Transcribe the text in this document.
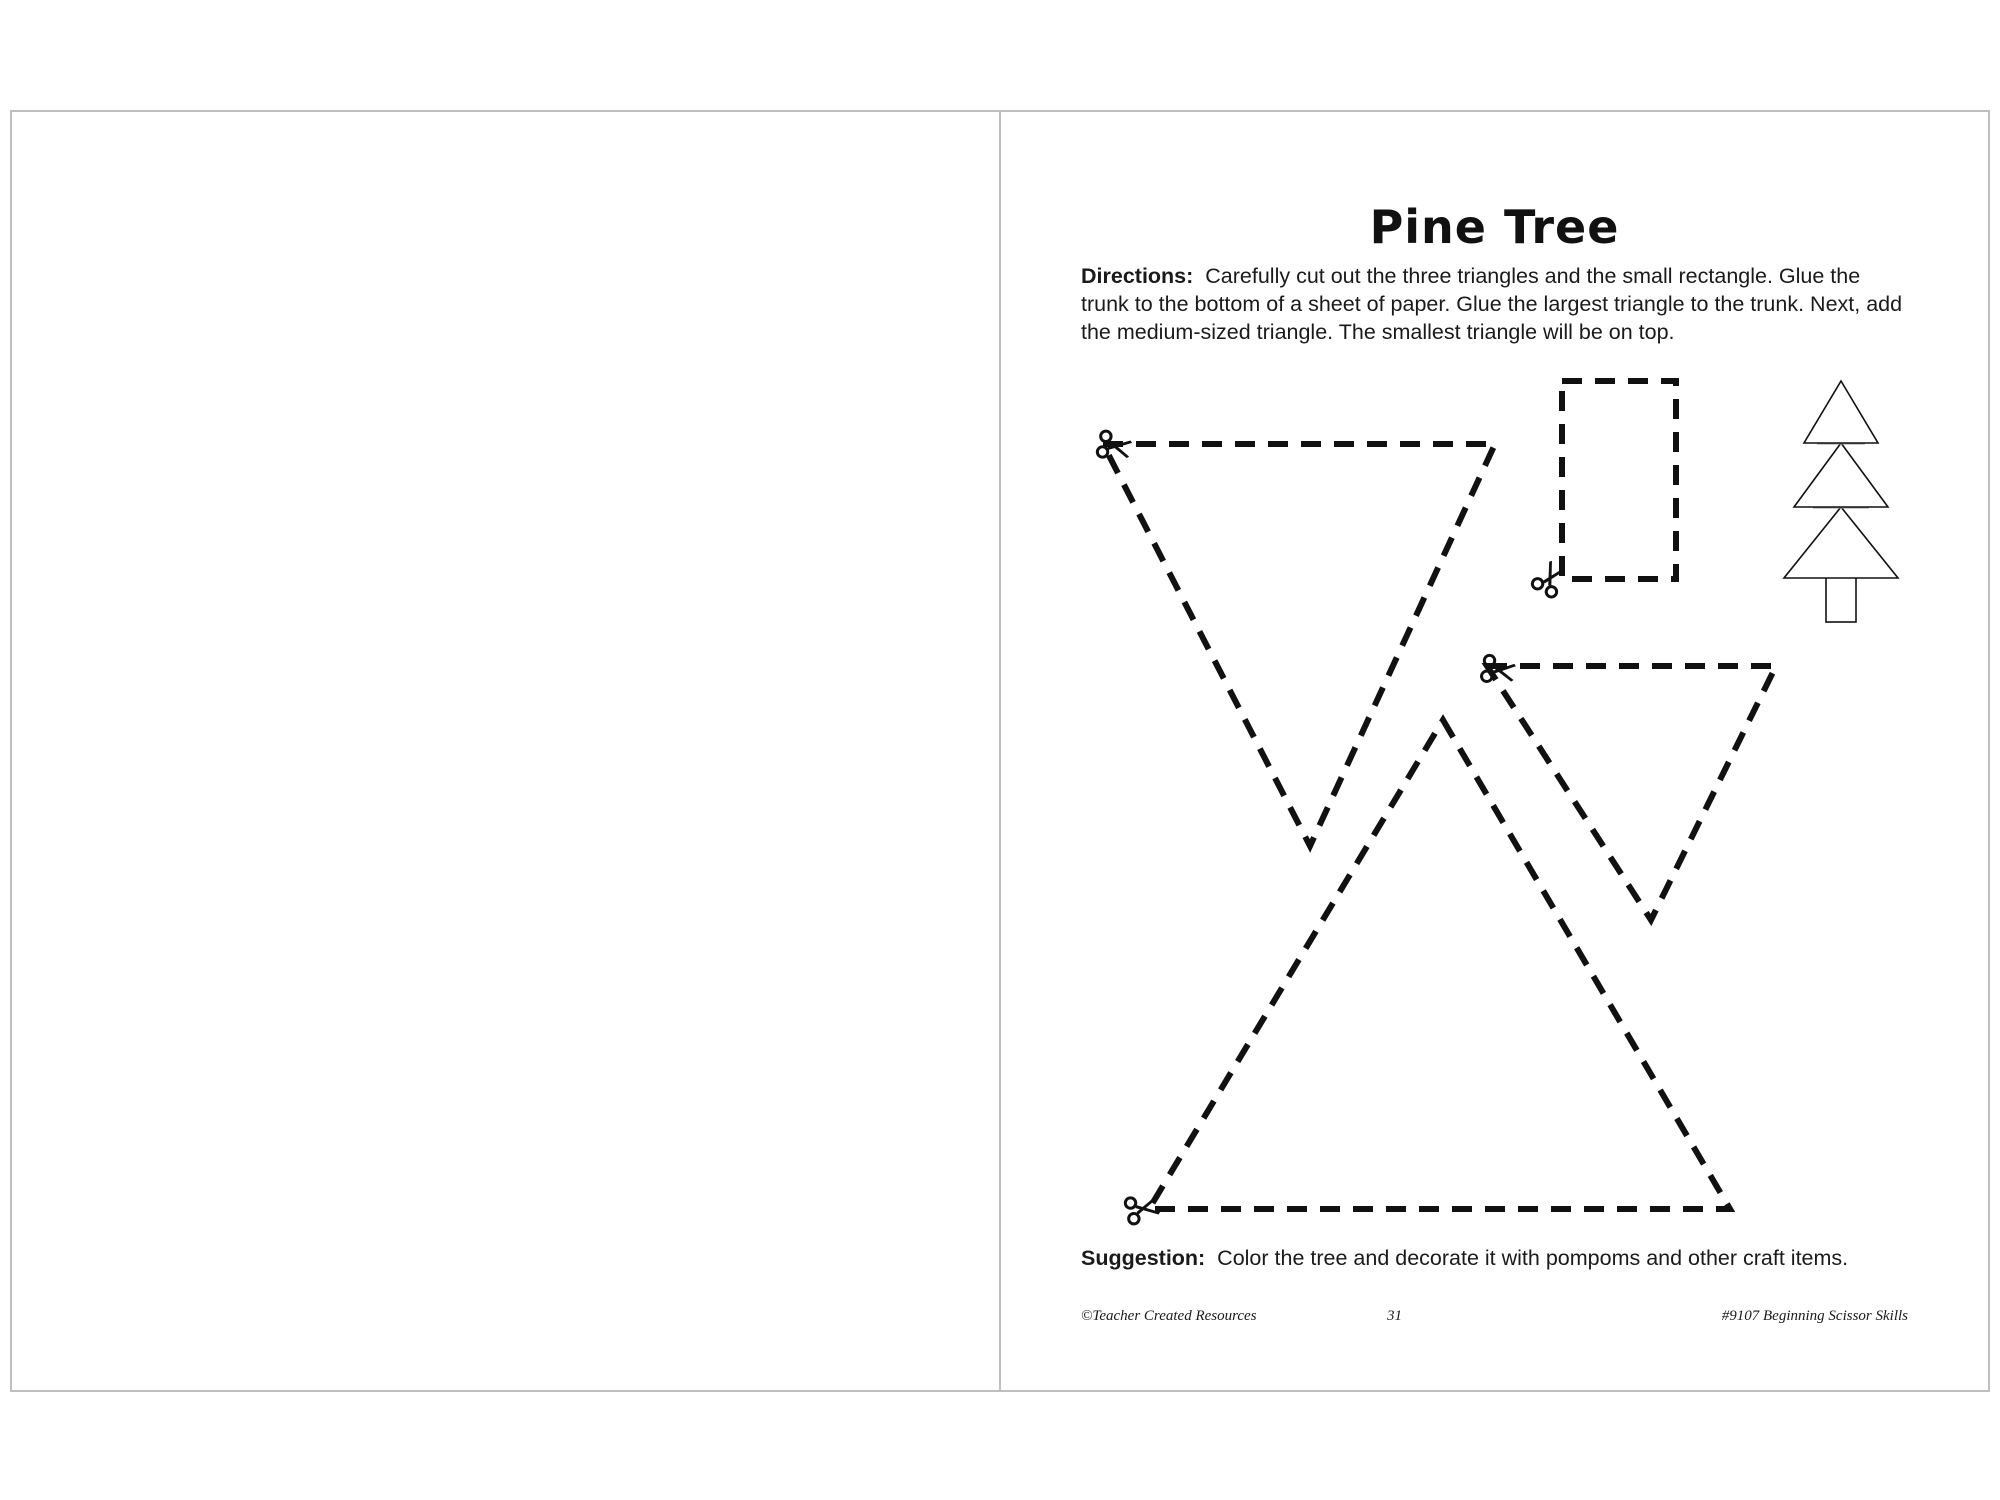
Pine Tree
Directions: Carefully cut out the three triangles and the small rectangle. Glue the trunk to the bottom of a sheet of paper. Glue the largest triangle to the trunk. Next, add the medium-sized triangle. The smallest triangle will be on top.
Suggestion: Color the tree and decorate it with pompoms and other craft items.
©Teacher Created Resources	31	#9107 Beginning Scissor Skills
